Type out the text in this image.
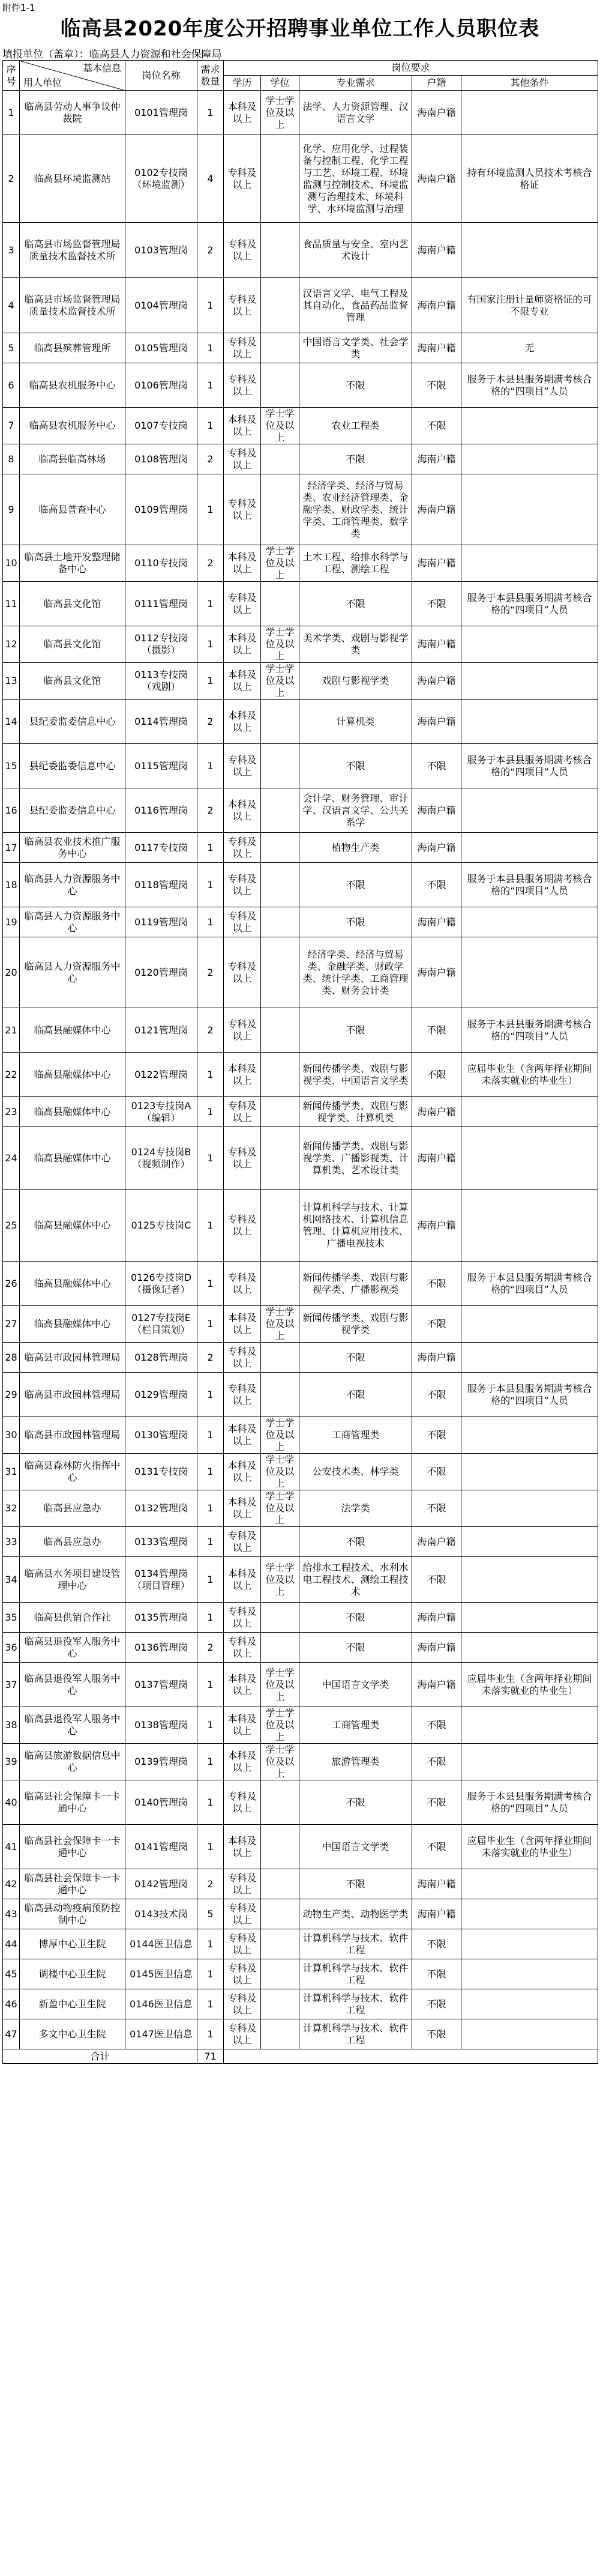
附件1-1
临高县2020年度公开招聘事业单位工作人员职位表
填报单位（盖章）：临高县人力资源和社会保障局
序号	基本信息
用人单位	岗位名称	需求数量	岗位要求				
				学历	学位	专业需求	户籍	其他条件
1	临高县劳动人事争议仲裁院	0101管理岗	1	本科及以上	学士学位及以上	法学、人力资源管理、汉语言文学	海南户籍	
2	临高县环境监测站	0102专技岗（环境监测）	4	专科及以上		化学、应用化学、过程装备与控制工程、化学工程与工艺、环境工程、环境监测与控制技术、环境监测与治理技术、环境科学、水环境监测与治理	海南户籍	持有环境监测人员技术考核合格证
3	临高县市场监督管理局质量技术监督技术所	0103管理岗	2	专科及以上		食品质量与安全、室内艺术设计	海南户籍	
4	临高县市场监督管理局质量技术监督技术所	0104管理岗	1	专科及以上		汉语言文学、电气工程及其自动化、食品药品监督管理	海南户籍	有国家注册计量师资格证的可不限专业
5	临高县殡葬管理所	0105管理岗	1	专科及以上		中国语言文学类、社会学类	海南户籍	无
6	临高县农机服务中心	0106管理岗	1	专科及以上		不限	不限	服务于本县县服务期满考核合格的“四项目”人员
7	临高县农机服务中心	0107专技岗	1	本科及以上	学士学位及以上	农业工程类	不限	
8	临高县临高林场	0108管理岗	2	专科及以上		不限	海南户籍	
9	临高县普查中心	0109管理岗	1	专科及以上		经济学类、经济与贸易类、农业经济管理类、金融学类、财政学类、统计学类、工商管理类、数学类	海南户籍	
10	临高县土地开发整理储备中心	0110专技岗	2	本科及以上	学士学位及以上	土木工程、给排水科学与工程、测绘工程	海南户籍	
11	临高县文化馆	0111管理岗	1	专科及以上		不限	不限	服务于本县县服务期满考核合格的“四项目”人员
12	临高县文化馆	0112专技岗（摄影）	1	本科及以上	学士学位及以上	美术学类、戏剧与影视学类	海南户籍	
13	临高县文化馆	0113专技岗（戏剧）	1	本科及以上	学士学位及以上	戏剧与影视学类	海南户籍	
14	县纪委监委信息中心	0114管理岗	2	本科及以上		计算机类	海南户籍	
15	县纪委监委信息中心	0115管理岗	1	专科及以上		不限	不限	服务于本县县服务期满考核合格的“四项目”人员
16	县纪委监委信息中心	0116管理岗	2	本科及以上		会计学、财务管理、审计学、汉语言文学、公共关系学	海南户籍	
17	临高县农业技术推广服务中心	0117专技岗	1	专科及以上		植物生产类	海南户籍	
18	临高县人力资源服务中心	0118管理岗	1	专科及以上		不限	不限	服务于本县县服务期满考核合格的“四项目”人员
19	临高县人力资源服务中心	0119管理岗	1	专科及以上		不限	海南户籍	
20	临高县人力资源服务中心	0120管理岗	2	专科及以上		经济学类、经济与贸易类、金融学类、财政学类、统计学类、工商管理类、财务会计类	海南户籍	
21	临高县融媒体中心	0121管理岗	2	专科及以上		不限	不限	服务于本县县服务期满考核合格的“四项目”人员
22	临高县融媒体中心	0122管理岗	1	本科及以上		新闻传播学类、戏剧与影视学类、中国语言文学类	不限	应届毕业生（含两年择业期间未落实就业的毕业生）
23	临高县融媒体中心	0123专技岗A（编辑）	1	专科及以上		新闻传播学类、戏剧与影视学类、计算机类	海南户籍	
24	临高县融媒体中心	0124专技岗B（视频制作）	1	专科及以上		新闻传播学类、戏剧与影视学类、广播影视类、计算机类、艺术设计类	海南户籍	
25	临高县融媒体中心	0125专技岗C	1	专科及以上		计算机科学与技术、计算机网络技术、计算机信息管理、计算机应用技术、广播电视技术	海南户籍	
26	临高县融媒体中心	0126专技岗D（摄像记者）	1	专科及以上		新闻传播学类、戏剧与影视学类、广播影视类	不限	服务于本县县服务期满考核合格的“四项目”人员
27	临高县融媒体中心	0127专技岗E（栏目策划）	1	本科及以上	学士学位及以上	新闻传播学类、戏剧与影视学类	不限	
28	临高县市政园林管理局	0128管理岗	2	专科及以上		不限	海南户籍	
29	临高县市政园林管理局	0129管理岗	1	专科及以上		不限	不限	服务于本县县服务期满考核合格的“四项目”人员
30	临高县市政园林管理局	0130管理岗	1	本科及以上	学士学位及以上	工商管理类	不限	
31	临高县森林防火指挥中心	0131专技岗	1	本科及以上	学士学位及以上	公安技术类、林学类	不限	
32	临高县应急办	0132管理岗	1	本科及以上	学士学位及以上	法学类	不限	
33	临高县应急办	0133管理岗	1	专科及以上		不限	海南户籍	
34	临高县水务项目建设管理中心	0134管理岗（项目管理）	1	本科及以上	学士学位及以上	给排水工程技术、水利水电工程技术、测绘工程技术	不限	
35	临高县供销合作社	0135管理岗	1	专科及以上		不限	海南户籍	
36	临高县退役军人服务中心	0136管理岗	2	专科及以上		不限	海南户籍	
37	临高县退役军人服务中心	0137管理岗	1	本科及以上	学士学位及以上	中国语言文学类	海南户籍	应届毕业生（含两年择业期间未落实就业的毕业生）
38	临高县退役军人服务中心	0138管理岗	1	本科及以上	学士学位及以上	工商管理类	不限	
39	临高县旅游数据信息中心	0139管理岗	1	本科及以上	学士学位及以上	旅游管理类	不限	
40	临高县社会保障卡一卡通中心	0140管理岗	1	专科及以上		不限	不限	服务于本县县服务期满考核合格的“四项目”人员
41	临高县社会保障卡一卡通中心	0141管理岗	1	本科及以上		中国语言文学类	不限	应届毕业生（含两年择业期间未落实就业的毕业生）
42	临高县社会保障卡一卡通中心	0142管理岗	2	专科及以上		不限	海南户籍	
43	临高县动物疫病预防控制中心	0143技术岗	5	专科及以上		动物生产类、动物医学类	海南户籍	
44	博厚中心卫生院	0144医卫信息	1	专科及以上		计算机科学与技术、软件工程	不限	
45	调楼中心卫生院	0145医卫信息	1	专科及以上		计算机科学与技术、软件工程	不限	
46	新盈中心卫生院	0146医卫信息	1	专科及以上		计算机科学与技术、软件工程	不限	
47	多文中心卫生院	0147医卫信息	1	专科及以上		计算机科学与技术、软件工程	不限	
合计			71					
